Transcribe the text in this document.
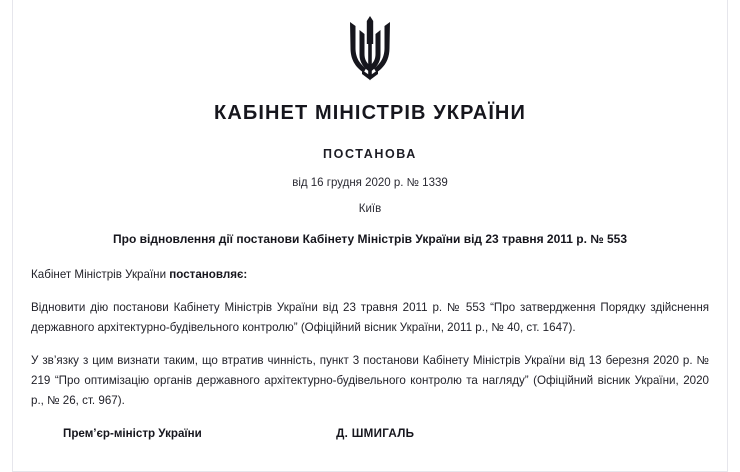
КАБІНЕТ МІНІСТРІВ УКРАЇНИ
ПОСТАНОВА
від 16 грудня 2020 р. № 1339
Київ
Про відновлення дії постанови Кабінету Міністрів України від 23 травня 2011 р. № 553

Кабінет Міністрів України постановляє:

Відновити дію постанови Кабінету Міністрів України від 23 травня 2011 р. № 553 “Про затвердження Порядку здійснення державного архітектурно-будівельного контролю” (Офіційний вісник України, 2011 р., № 40, ст. 1647).

У зв’язку з цим визнати таким, що втратив чинність, пункт 3 постанови Кабінету Міністрів України від 13 березня 2020 р. № 219 “Про оптимізацію органів державного архітектурно-будівельного контролю та нагляду” (Офіційний вісник України, 2020 р., № 26, ст. 967).

Прем’єр-міністр України	Д. ШМИГАЛЬ
